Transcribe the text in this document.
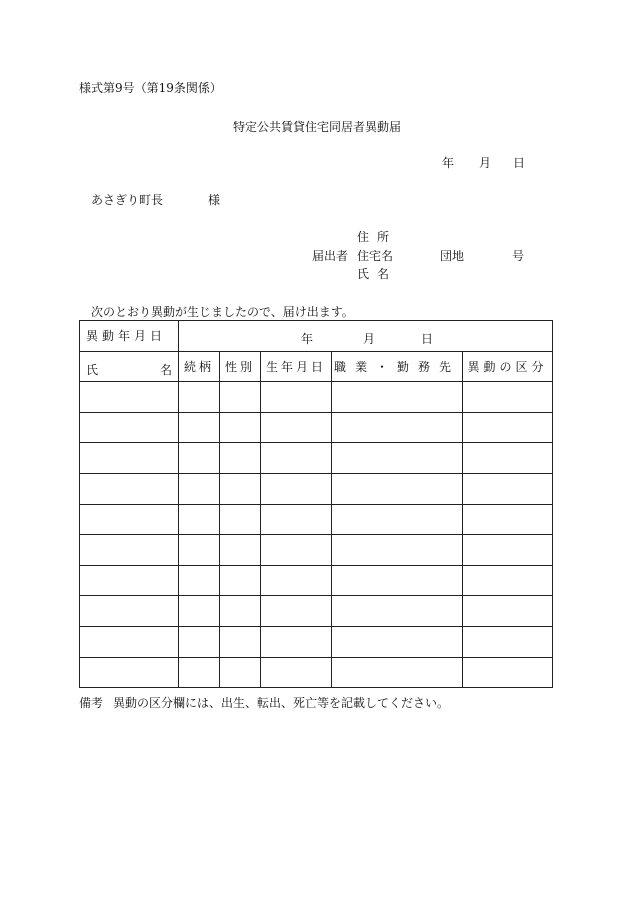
様式第9号（第19条関係）
特定公共賃貸住宅同居者異動届
年 月 日
あさぎり町長	様
住所
届出者 住宅名	団地	号
氏名
次のとおり異動が生じましたので、届け出ます。
異動年月日	年 月 日				

氏 名	続柄	性別	生年月日	職業・勤務先	異動の区分

備考 異動の区分欄には、出生、転出、死亡等を記載してください。
